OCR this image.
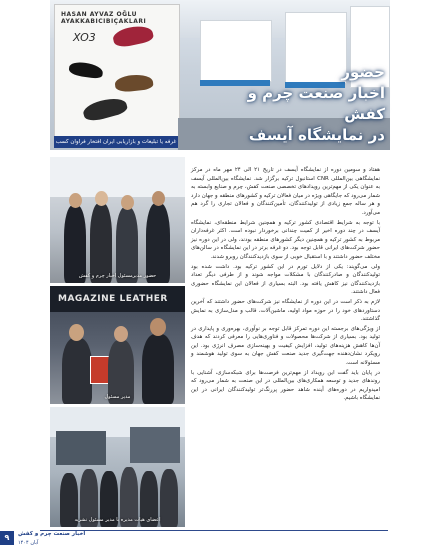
HASAN AYVAZ OĞLU AYAKKABICIBIÇAKLARI
XO3
غرفه یا تبلیغات و بازاریابی ایران افتخار فراوان کسب کرد
حضور
اخبار صنعت چرم و کفش
در نمایشگاه آیسف
حضور مدیرمسئول اخبار چرم و کفش
MAGAZINE LEATHER
مدیر مسئول
اعضای هیات مدیره با مدیر مسئول نشریه

هفتاد و سومین دوره از نمایشگاه آیسف در تاریخ ۲۱ الی ۲۴ مهر ماه در مرکز نمایشگاهی بین‌المللی CNR استانبول ترکیه برگزار شد. نمایشگاه بین‌المللی آیسف به عنوان یکی از مهم‌ترین رویدادهای تخصصی صنعت کفش، چرم و صنایع وابسته به شمار می‌رود که جایگاهی ویژه در میان فعالان ترکیه و کشورهای منطقه و جهان دارد و هر ساله جمع زیادی از تولیدکنندگان، تأمین‌کنندگان و فعالان تجاری را گرد هم می‌آورد.

با توجه به شرایط اقتصادی کشور ترکیه و همچنین شرایط منطقه‌ای، نمایشگاه آیسف در چند دوره اخیر از کمیت چندانی برخوردار نبوده است. اکثر غرفه‌داران مربوط به کشور ترکیه و همچنین دیگر کشورهای منطقه بودند، ولی در این دوره نیز حضور شرکت‌های ایرانی قابل توجه بود. دو غرفه برتر در این نمایشگاه در سالن‌های مختلف حضور داشتند و با استقبال خوبی از سوی بازدیدکنندگان روبرو شدند.

ولی می‌گویند: یکی از دلایل تورم در این کشور ترکیه بود. داشت شده بود تولیدکنندگان و صادرکنندگان با مشکلات مواجه شوند و از طرفی دیگر تعداد بازدیدکنندگان نیز کاهش یافته بود. البته بسیاری از فعالان این نمایشگاه حضوری فعال داشتند.

لازم به ذکر است در این دوره از نمایشگاه نیز شرکت‌های حضور داشتند که آخرین دستاوردهای خود را در حوزه مواد اولیه، ماشین‌آلات، قالب و مدل‌سازی به نمایش گذاشتند.

از ویژگی‌های برجسته این دوره تمرکز قابل توجه بر نوآوری، بهره‌وری و پایداری در تولید بود. بسیاری از شرکت‌ها محصولات و فناوری‌هایی را معرفی کردند که هدف آن‌ها کاهش هزینه‌های تولید، افزایش کیفیت و بهینه‌سازی مصرف انرژی بود. این رویکرد نشان‌دهنده جهت‌گیری جدید صنعت کفش جهان به سوی تولید هوشمند و مسئولانه است.

در پایان باید گفت این رویداد از مهم‌ترین فرصت‌ها برای شبکه‌سازی، آشنایی با روندهای جدید و توسعه همکاری‌های بین‌المللی در این صنعت به شمار می‌رود که امیدواریم در دوره‌های آینده شاهد حضور پررنگ‌تر تولیدکنندگان ایرانی در این نمایشگاه باشیم.

۹	اخبار صنعت چرم و کفش
آبان ۱۴۰۴
